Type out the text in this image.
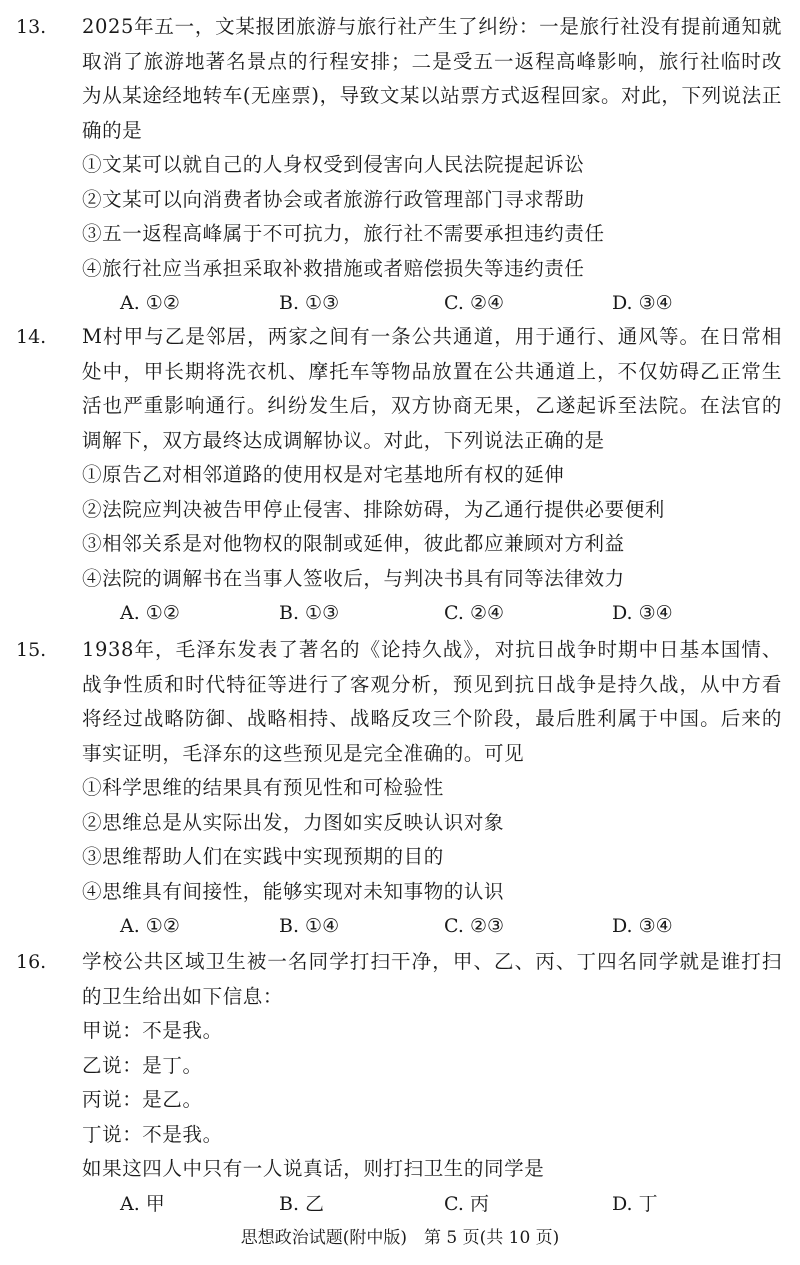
13. 2025年五一，文某报团旅游与旅行社产生了纠纷：一是旅行社没有提前通知就取消了旅游地著名景点的行程安排；二是受五一返程高峰影响，旅行社临时改为从某途经地转车(无座票)，导致文某以站票方式返程回家。对此，下列说法正确的是
①文某可以就自己的人身权受到侵害向人民法院提起诉讼
②文某可以向消费者协会或者旅游行政管理部门寻求帮助
③五一返程高峰属于不可抗力，旅行社不需要承担违约责任
④旅行社应当承担采取补救措施或者赔偿损失等违约责任
A. ①②	B. ①③	C. ②④	D. ③④
14. M村甲与乙是邻居，两家之间有一条公共通道，用于通行、通风等。在日常相处中，甲长期将洗衣机、摩托车等物品放置在公共通道上，不仅妨碍乙正常生活也严重影响通行。纠纷发生后，双方协商无果，乙遂起诉至法院。在法官的调解下，双方最终达成调解协议。对此，下列说法正确的是
①原告乙对相邻道路的使用权是对宅基地所有权的延伸
②法院应判决被告甲停止侵害、排除妨碍，为乙通行提供必要便利
③相邻关系是对他物权的限制或延伸，彼此都应兼顾对方利益
④法院的调解书在当事人签收后，与判决书具有同等法律效力
A. ①②	B. ①③	C. ②④	D. ③④
15. 1938年，毛泽东发表了著名的《论持久战》，对抗日战争时期中日基本国情、战争性质和时代特征等进行了客观分析，预见到抗日战争是持久战，从中方看将经过战略防御、战略相持、战略反攻三个阶段，最后胜利属于中国。后来的事实证明，毛泽东的这些预见是完全准确的。可见
①科学思维的结果具有预见性和可检验性
②思维总是从实际出发，力图如实反映认识对象
③思维帮助人们在实践中实现预期的目的
④思维具有间接性，能够实现对未知事物的认识
A. ①②	B. ①④	C. ②③	D. ③④
16. 学校公共区域卫生被一名同学打扫干净，甲、乙、丙、丁四名同学就是谁打扫的卫生给出如下信息：
甲说：不是我。
乙说：是丁。
丙说：是乙。
丁说：不是我。
如果这四人中只有一人说真话，则打扫卫生的同学是
A. 甲	B. 乙	C. 丙	D. 丁
思想政治试题(附中版)　第 5 页(共 10 页)
